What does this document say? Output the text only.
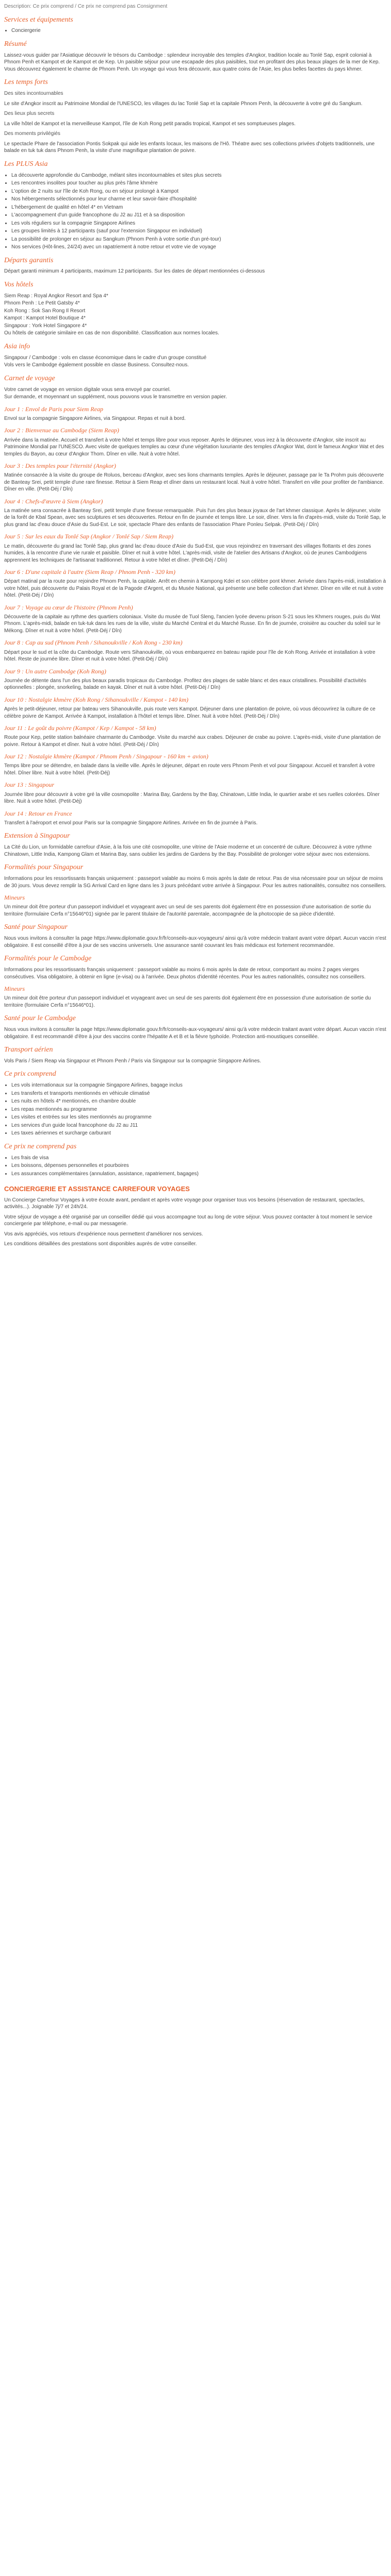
Description: Ce prix comprend / Ce prix ne comprend pas Consignment

Services et équipements
• Conciergerie
Résumé

Laissez-vous guider par l'Asiatique découvrir le trésors du Cambodge : splendeur incroyable des temples d'Angkor, tradition locale au Tonlé Sap, esprit colonial à Phnom Penh et Kampot et de Kampot et de Kep. Un paisible séjour pour une escapade des plus paisibles, tout en profitant des plus beaux plages de la mer de Kep. Vous découvrez également le charme de Phnom Penh. Un voyage qui vous fera découvrir, aux quatre coins de l'Asie, les plus belles facettes du pays khmer.

Les temps forts

Des sites incontournables

Le site d'Angkor inscrit au Patrimoine Mondial de l'UNESCO, les villages du lac Tonlé Sap et la capitale Phnom Penh, la découverte à votre gré du Sangkum.

Des lieux plus secrets

La ville hôtel de Kampot et la merveilleuse Kampot, l'île de Koh Rong petit paradis tropical, Kampot et ses somptueuses plages.

Des moments privilégiés

Le spectacle Phare de l'association Pontis Sokpak qui aide les enfants locaux, les maisons de l'Hô. Théatre avec ses collections privées d'objets traditionnels, une balade en tuk tuk dans Phnom Penh, la visite d'une magnifique plantation de poivre.

Les PLUS Asia
• La découverte approfondie du Cambodge, mélant sites incontournables et sites plus secrets
• Les rencontres insolites pour toucher au plus près l'âme khmère
• L'option de 2 nuits sur l'île de Koh Rong, ou en séjour prolongé à Kampot
• Nos hébergements sélectionnés pour leur charme et leur savoir-faire d'hospitalité
• L'hébergement de qualité en hôtel 4* en Vietnam
• L'accompagnement d'un guide francophone du J2 au J11 et à sa disposition
• Les vols réguliers sur la compagnie Singapore Airlines
• Les groupes limités à 12 participants (sauf pour l'extension Singapour en individuel)
• La possibilité de prolonger en séjour au Sangkum (Phnom Penh à votre sortie d'un pré-tour)
• Nos services (Hôt-lines, 24/24) avec un rapatriement à notre retour et votre vie de voyage
Départs garantis

Départ garanti minimum 4 participants, maximum 12 participants. Sur les dates de départ mentionnées ci-dessous

Vos hôtels

Siem Reap : Royal Angkor Resort and Spa 4*

Phnom Penh : Le Petit Gatsby 4*

Koh Rong : Sok San Rong Il Resort

Kampot : Kampot Hotel Boutique 4*

Singapour : York Hotel Singapore 4*

Ou hôtels de catégorie similaire en cas de non disponibilité. Classification aux normes locales.

Asia info

Singapour / Cambodge : vols en classe économique dans le cadre d'un groupe constitué

Vols vers le Cambodge également possible en classe Business. Consultez-nous.

Carnet de voyage

Votre carnet de voyage en version digitale vous sera envoyé par courriel.

Sur demande, et moyennant un supplément, nous pouvons vous le transmettre en version papier.

Jour 1 : Envol de Paris pour Siem Reap

Envol sur la compagnie Singapore Airlines, via Singapour. Repas et nuit à bord.

Jour 2 : Bienvenue au Cambodge (Siem Reap)

Arrivée dans la matinée. Accueil et transfert à votre hôtel et temps libre pour vous reposer. Après le déjeuner, vous irez à la découverte d'Angkor, site inscrit au Patrimoine Mondial par l'UNESCO. Avec visite de quelques temples au cœur d'une végétation luxuriante des temples d'Angkor Wat, dont le fameux Angkor Wat et des temples du Bayon, au cœur d'Angkor Thom. Dîner en ville. Nuit à votre hôtel.

Jour 3 : Des temples pour l'éternité (Angkor)

Matinée consacrée à la visite du groupe de Roluos, berceau d'Angkor, avec ses lions charmants temples. Après le déjeuner, passage par le Ta Prohm puis découverte de Banteay Srei, petit temple d'une rare finesse. Retour à Siem Reap et dîner dans un restaurant local. Nuit à votre hôtel. Transfert en ville pour profiter de l'ambiance. Dîner en ville. (Petit-Déj / Dîn)

Jour 4 : Chefs-d'œuvre à Siem (Angkor)

La matinée sera consacrée à Banteay Srei, petit temple d'une finesse remarquable. Puis l'un des plus beaux joyaux de l'art khmer classique. Après le déjeuner, visite de la forêt de Kbal Spean, avec ses sculptures et ses découvertes. Retour en fin de journée et temps libre. Le soir, dîner. Vers la fin d'après-midi, visite du Tonlé Sap, le plus grand lac d'eau douce d'Asie du Sud-Est. Le soir, spectacle Phare des enfants de l'association Phare Ponleu Selpak. (Petit-Déj / Dîn)

Jour 5 : Sur les eaux du Tonlé Sap (Angkor / Tonlé Sap / Siem Reap)

Le matin, découverte du grand lac Tonlé Sap, plus grand lac d'eau douce d'Asie du Sud-Est, que vous rejoindrez en traversant des villages flottants et des zones humides, à la rencontre d'une vie rurale et paisible. Dîner et nuit à votre hôtel. L'après-midi, visite de l'atelier des Artisans d'Angkor, où de jeunes Cambodgiens apprennent les techniques de l'artisanat traditionnel. Retour à votre hôtel et dîner. (Petit-Déj / Dîn)

Jour 6 : D'une capitale à l'autre (Siem Reap / Phnom Penh - 320 km)

Départ matinal par la route pour rejoindre Phnom Penh, la capitale. Arrêt en chemin à Kampong Kdei et son célèbre pont khmer. Arrivée dans l'après-midi, installation à votre hôtel, puis découverte du Palais Royal et de la Pagode d'Argent, et du Musée National, qui présente une belle collection d'art khmer. Dîner en ville et nuit à votre hôtel. (Petit-Déj / Dîn)

Jour 7 : Voyage au cœur de l'histoire (Phnom Penh)

Découverte de la capitale au rythme des quartiers coloniaux. Visite du musée de Tuol Sleng, l'ancien lycée devenu prison S-21 sous les Khmers rouges, puis du Wat Phnom. L'après-midi, balade en tuk-tuk dans les rues de la ville, visite du Marché Central et du Marché Russe. En fin de journée, croisière au coucher du soleil sur le Mékong. Dîner et nuit à votre hôtel. (Petit-Déj / Dîn)

Jour 8 : Cap au sud (Phnom Penh / Sihanoukville / Koh Rong - 230 km)

Départ pour le sud et la côte du Cambodge. Route vers Sihanoukville, où vous embarquerez en bateau rapide pour l'île de Koh Rong. Arrivée et installation à votre hôtel. Reste de journée libre. Dîner et nuit à votre hôtel. (Petit-Déj / Dîn)

Jour 9 : Un autre Cambodge (Koh Rong)

Journée de détente dans l'un des plus beaux paradis tropicaux du Cambodge. Profitez des plages de sable blanc et des eaux cristallines. Possibilité d'activités optionnelles : plongée, snorkeling, balade en kayak. Dîner et nuit à votre hôtel. (Petit-Déj / Dîn)

Jour 10 : Nostalgie khmère (Koh Rong / Sihanoukville / Kampot - 140 km)

Après le petit-déjeuner, retour par bateau vers Sihanoukville, puis route vers Kampot. Déjeuner dans une plantation de poivre, où vous découvrirez la culture de ce célèbre poivre de Kampot. Arrivée à Kampot, installation à l'hôtel et temps libre. Dîner. Nuit à votre hôtel. (Petit-Déj / Dîn)

Jour 11 : Le goût du poivre (Kampot / Kep / Kampot - 58 km)

Route pour Kep, petite station balnéaire charmante du Cambodge. Visite du marché aux crabes. Déjeuner de crabe au poivre. L'après-midi, visite d'une plantation de poivre. Retour à Kampot et dîner. Nuit à votre hôtel. (Petit-Déj / Dîn)

Jour 12 : Nostalgie khmère (Kampot / Phnom Penh / Singapour - 160 km + avion)

Temps libre pour se détendre, en balade dans la vieille ville. Après le déjeuner, départ en route vers Phnom Penh et vol pour Singapour. Accueil et transfert à votre hôtel. Dîner libre. Nuit à votre hôtel. (Petit-Déj)

Jour 13 : Singapour

Journée libre pour découvrir à votre gré la ville cosmopolite : Marina Bay, Gardens by the Bay, Chinatown, Little India, le quartier arabe et ses ruelles colorées. Dîner libre. Nuit à votre hôtel. (Petit-Déj)

Jour 14 : Retour en France

Transfert à l'aéroport et envol pour Paris sur la compagnie Singapore Airlines. Arrivée en fin de journée à Paris.

Extension à Singapour

La Cité du Lion, un formidable carrefour d'Asie, à la fois une cité cosmopolite, une vitrine de l'Asie moderne et un concentré de culture. Découvrez à votre rythme Chinatown, Little India, Kampong Glam et Marina Bay, sans oublier les jardins de Gardens by the Bay. Possibilité de prolonger votre séjour avec nos extensions.

Formalités pour Singapour

Informations pour les ressortissants français uniquement : passeport valable au moins 6 mois après la date de retour. Pas de visa nécessaire pour un séjour de moins de 30 jours. Vous devez remplir la SG Arrival Card en ligne dans les 3 jours précédant votre arrivée à Singapour. Pour les autres nationalités, consultez nos conseillers.

Mineurs

Un mineur doit être porteur d'un passeport individuel et voyageant avec un seul de ses parents doit également être en possession d'une autorisation de sortie du territoire (formulaire Cerfa n°15646*01) signée par le parent titulaire de l'autorité parentale, accompagnée de la photocopie de sa pièce d'identité.

Santé pour Singapour

Nous vous invitons à consulter la page https://www.diplomatie.gouv.fr/fr/conseils-aux-voyageurs/ ainsi qu'à votre médecin traitant avant votre départ. Aucun vaccin n'est obligatoire. Il est conseillé d'être à jour de ses vaccins universels. Une assurance santé couvrant les frais médicaux est fortement recommandée.

Formalités pour le Cambodge

Informations pour les ressortissants français uniquement : passeport valable au moins 6 mois après la date de retour, comportant au moins 2 pages vierges consécutives. Visa obligatoire, à obtenir en ligne (e-visa) ou à l'arrivée. Deux photos d'identité récentes. Pour les autres nationalités, consultez nos conseillers.

Mineurs

Un mineur doit être porteur d'un passeport individuel et voyageant avec un seul de ses parents doit également être en possession d'une autorisation de sortie du territoire (formulaire Cerfa n°15646*01).

Santé pour le Cambodge

Nous vous invitons à consulter la page https://www.diplomatie.gouv.fr/fr/conseils-aux-voyageurs/ ainsi qu'à votre médecin traitant avant votre départ. Aucun vaccin n'est obligatoire. Il est recommandé d'être à jour des vaccins contre l'hépatite A et B et la fièvre typhoïde. Protection anti-moustiques conseillée.

Transport aérien

Vols Paris / Siem Reap via Singapour et Phnom Penh / Paris via Singapour sur la compagnie Singapore Airlines.

Ce prix comprend
• Les vols internationaux sur la compagnie Singapore Airlines, bagage inclus
• Les transferts et transports mentionnés en véhicule climatisé
• Les nuits en hôtels 4* mentionnés, en chambre double
• Les repas mentionnés au programme
• Les visites et entrées sur les sites mentionnés au programme
• Les services d'un guide local francophone du J2 au J11
• Les taxes aériennes et surcharge carburant
Ce prix ne comprend pas
• Les frais de visa
• Les boissons, dépenses personnelles et pourboires
• Les assurances complémentaires (annulation, assistance, rapatriement, bagages)
CONCIERGERIE ET ASSISTANCE CARREFOUR VOYAGES

Un Concierge Carrefour Voyages à votre écoute avant, pendant et après votre voyage pour organiser tous vos besoins (réservation de restaurant, spectacles, activités...). Joignable 7j/7 et 24h/24.

Votre séjour de voyage a été organisé par un conseiller dédié qui vous accompagne tout au long de votre séjour. Vous pouvez contacter à tout moment le service conciergerie par téléphone, e-mail ou par messagerie.

Vos avis appréciés, vos retours d'expérience nous permettent d'améliorer nos services.

Les conditions détaillées des prestations sont disponibles auprès de votre conseiller.
